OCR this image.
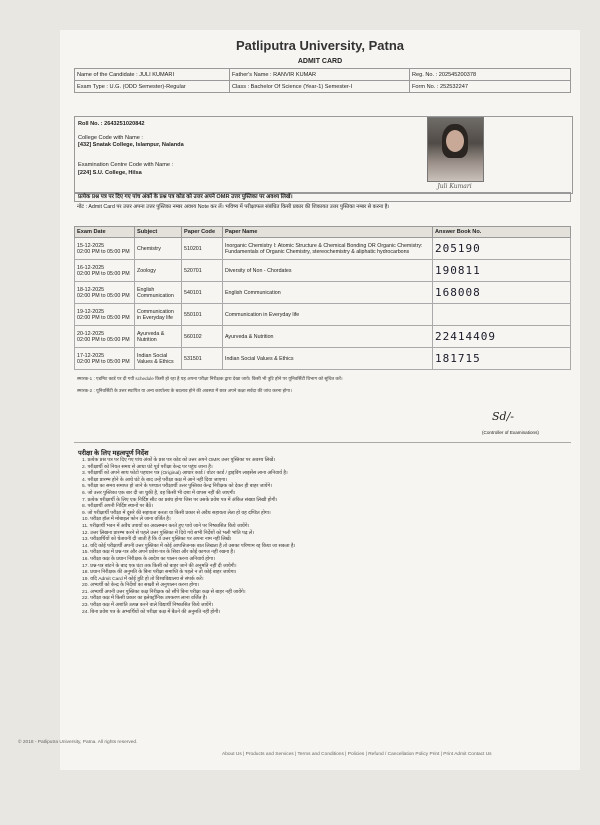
Patliputra University, Patna
ADMIT CARD
Name of the Candidate : JULI KUMARI	Father's Name : RANVIR KUMAR	Reg. No. : 202545200378
Exam Type : U.G. (ODD Semester)-Regular	Class : Bachelor Of Science (Year-1) Semester-I	Form No. : 252532247
Roll No. : 2643251020842
College Code with Name :
[432] Snatak College, Islampur, Nalanda
Examination Centre Code with Name :
[224] S.U. College, Hilsa
Juli Kumari
प्रत्येक प्रश्न पत्र पर दिए गए पांच अंकों के प्रश्न पत्र कोड को उत्तर अपने OMR उत्तर पुस्तिका पर अवश्य लिखें।
नोट : Admit Card पर उत्तर अपना उत्तर पुस्तिका नम्बर अवश्य Note कर लें। भविष्य में परीक्षाफल संबंधित किसी प्रकार की शिकायत उत्तर पुस्तिका नम्बर से करना है।
Exam Date	Subject	Paper Code	Paper Name	Answer Book No.

15-12-2025
02:00 PM to 05:00 PM	Chemistry	510201	Inorganic Chemistry I: Atomic Structure & Chemical Bonding OR Organic Chemistry: Fundamentals of Organic Chemistry, stereochemistry & aliphatic hydrocarbons	205190

16-12-2025
02:00 PM to 05:00 PM	Zoology	520701	Diversity of Non - Chordates	190811

18-12-2025
02:00 PM to 05:00 PM	English Communication	540101	English Communication	168008

19-12-2025
02:00 PM to 05:00 PM	Communication in Everyday life	550101	Communication in Everyday life	

20-12-2025
02:00 PM to 05:00 PM	Ayurveda & Nutrition	560102	Ayurveda & Nutrition	22414409

17-12-2025
02:00 PM to 05:00 PM	Indian Social Values & Ethics	531501	Indian Social Values & Ethics	181715
स्मारक-1 : एडमिट कार्ड पर दी गयी schedule किसी हो रहा है यह अपना परीक्षा निरीक्षक द्वारा देखा जाये। किसी भी त्रुटि होने पर यूनिवर्सिटी विभाग को सूचित करें।
स्मारक-2 : यूनिवर्सिटी के उत्तर स्थापित या अन्य कार्यालय के बदलाव होने की अवस्था में छात्र अपने कक्षा सर्वदा की जांच करना होगा।
Sd/-
(Controller of Examinations)
परीक्षा के लिए महत्वपूर्ण निर्देश
1. प्रत्येक प्रश्न पत्र पर दिए गए पांच अंकों के प्रश्न पत्र कोड को उत्तर अपने OMR उत्तर पुस्तिका पर अवश्य लिखें।
2. परीक्षार्थी को नियत समय से आधा घंटे पूर्व परीक्षा केन्द्र पर पहुंच जाना है।
3. परीक्षार्थी को अपने साथ फोटो पहचान पत्र (Original) आधार कार्ड / वोटर कार्ड / ड्राइविंग लाइसेंस लाना अनिवार्य है।
4. परीक्षा प्रारम्भ होने के आधे घंटे के बाद उन्हें परीक्षा कक्ष में आने नहीं दिया जाएगा।
5. परीक्षा का समय समाप्त हो जाने के पश्चात परीक्षार्थी उत्तर पुस्तिका केन्द्र निरीक्षक को देकर ही बाहर जायेंगे।
6. जो उत्तर पुस्तिका एक बार दी जा चुकी है, वह किसी भी दशा में वापस नहीं की जाएगी।
7. प्रत्येक परीक्षार्थी के लिए एक निर्दिष्ट सीट का प्रबंध होगा जिस पर उसके प्रवेश पत्र में अंकित संख्या लिखी होगी।
8. परीक्षार्थी अपनी निर्दिष्ट स्थानों पर बैठें।
9. जो परीक्षार्थी परीक्षा में दूसरे की सहायता करता या किसी प्रकार से अवैध सहायता लेता हो वह दण्डित होगा।
10. परीक्षा हॉल में मोबाइल फोन ले जाना वर्जित है।
11. परीक्षार्थी भवन में अवैध उपायों का अवलम्बन करते हुए पाये जाने पर निष्कासित किये जायेंगे।
12. उत्तर लिखना प्रारम्भ करने से पहले उत्तर पुस्तिका में दिये गये सभी निर्देशों को भली भांति पढ़ लें।
13. परीक्षार्थियों को चेतावनी दी जाती है कि वे उत्तर पुस्तिका पर अपना नाम नहीं लिखें।
14. यदि कोई परीक्षार्थी अपनी उत्तर पुस्तिका में कोई आपत्तिजनक बात लिखता है तो उसका परिणाम रद्द किया जा सकता है।
15. परीक्षा कक्ष में प्रश्न-पत्र और अपने प्रवेश-पत्र के सिवा और कोई कागज नहीं रखना है।
16. परीक्षा कक्ष के प्रधान निरीक्षक के आदेश का पालन करना अनिवार्य होगा।
17. प्रश्न-पत्र बांटने के बाद एक घंटा तक किसी को बाहर जाने की अनुमति नहीं दी जायेगी।
18. प्रधान निरीक्षक की अनुमति के बिना परीक्षा समाप्ति के पहले न तो कोई बाहर जायेगा।
19. यदि Admit Card में कोई त्रुटि हो तो विश्वविद्यालय से संपर्क करें।
20. अभ्यर्थी को केन्द्र के निर्देशों का सख्ती से अनुपालन करना होगा।
21. अभ्यर्थी अपनी उत्तर पुस्तिका कक्ष निरीक्षक को सौंपे बिना परीक्षा कक्ष से बाहर नहीं जायेंगे।
22. परीक्षा कक्ष में किसी प्रकार का इलेक्ट्रॉनिक उपकरण लाना वर्जित है।
23. परीक्षा कक्ष में अशांति उत्पन्न करने वाले विद्यार्थी निष्कासित किये जायेंगे।
24. बिना प्रवेश पत्र के अभ्यर्थियों को परीक्षा कक्ष में बैठने की अनुमति नहीं होगी।
© 2018 - Patliputra University, Patna. All rights reserved.
About Us | Products and Services | Terms and Conditions | Policies | Refund / Cancellation Policy Print | Print Admit Contact Us
